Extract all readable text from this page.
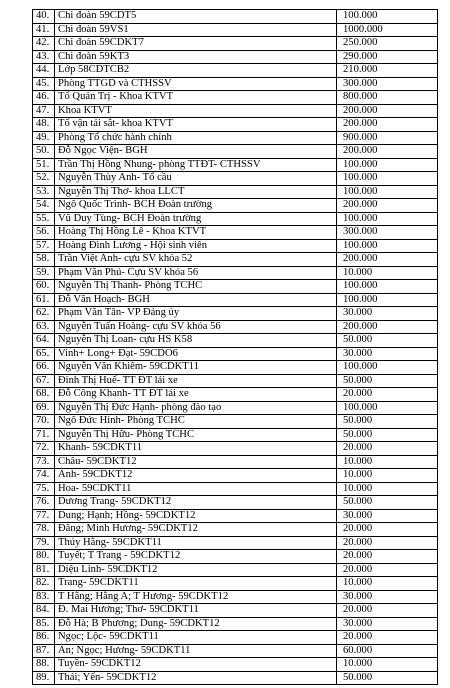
40.	Chi đoàn 59CDT5	100.000
41.	Chi đoàn 59VS1	1000.000
42.	Chi đoàn 59CDKT7	250.000
43.	Chi đoàn 59KT3	290.000
44.	Lớp 58CDTCB2	210.000
45.	Phòng TTGD và CTHSSV	300.000
46.	Tổ Quản Trị - Khoa KTVT	800.000
47.	Khoa KTVT	200.000
48.	Tổ vận tải sắt- khoa KTVT	200.000
49.	Phòng Tổ chức hành chính	900.000
50.	Đỗ Ngọc Viện- BGH	200.000
51.	Trần Thị Hồng Nhung- phòng TTĐT- CTHSSV	100.000
52.	Nguyễn Thùy Anh- Tổ cầu	100.000
53.	Nguyễn Thị Thơ- khoa LLCT	100.000
54.	Ngô Quốc Trình- BCH Đoàn trường	200.000
55.	Vũ Duy Tùng- BCH Đoàn trường	100.000
56.	Hoàng Thị Hồng Lê - Khoa KTVT	300.000
57.	Hoàng Đình Lương - Hội sinh viên	100.000
58.	Trần Việt Anh- cựu SV khóa 52	200.000
59.	Phạm Văn Phú- Cựu SV khóa 56	10.000
60.	Nguyễn Thị Thanh- Phòng TCHC	100.000
61.	Đỗ Văn Hoạch- BGH	100.000
62.	Phạm Văn Tân- VP Đảng ủy	30.000
63.	Nguyễn Tuấn Hoàng- cựu SV khóa 56	200.000
64.	Nguyễn Thị Loan- cựu HS K58	50.000
65.	Vinh+ Long+ Đạt- 59CDO6	30.000
66.	Nguyễn Văn Khiêm- 59CDKT11	100.000
67.	Đinh Thị Huế- TT ĐT lái xe	50.000
68.	Đỗ Công Khanh- TT ĐT lái xe	20.000
69.	Nguyễn Thị Đức Hạnh- phòng đào tạo	100.000
70.	Ngô Đức Hinh- Phòng TCHC	50.000
71.	Nguyễn Thị Hữu- Phòng TCHC	50.000
72.	Khanh- 59CDKT11	20.000
73.	Châu- 59CDKT12	10.000
74.	Anh- 59CDKT12	10.000
75.	Hoa- 59CDKT11	10.000
76.	Dương Trang- 59CDKT12	50.000
77.	Dung; Hạnh; Hồng- 59CDKT12	30.000
78.	Đăng; Minh Hương- 59CDKT12	20.000
79.	Thúy Hằng- 59CDKT11	20.000
80.	Tuyết; T Trang - 59CDKT12	20.000
81.	Diệu Linh- 59CDKT12	20.000
82.	Trang- 59CDKT11	10.000
83.	T Hằng; Hằng A; T Hương- 59CDKT12	30.000
84.	Đ. Mai Hương; Thơ- 59CDKT11	20.000
85.	Đỗ Hà; B Phương; Dung- 59CDKT12	30.000
86.	Ngọc; Lộc- 59CDKT11	20.000
87.	An; Ngọc; Hương- 59CDKT11	60.000
88.	Tuyền- 59CDKT12	10.000
89.	Thái; Yến- 59CDKT12	50.000
